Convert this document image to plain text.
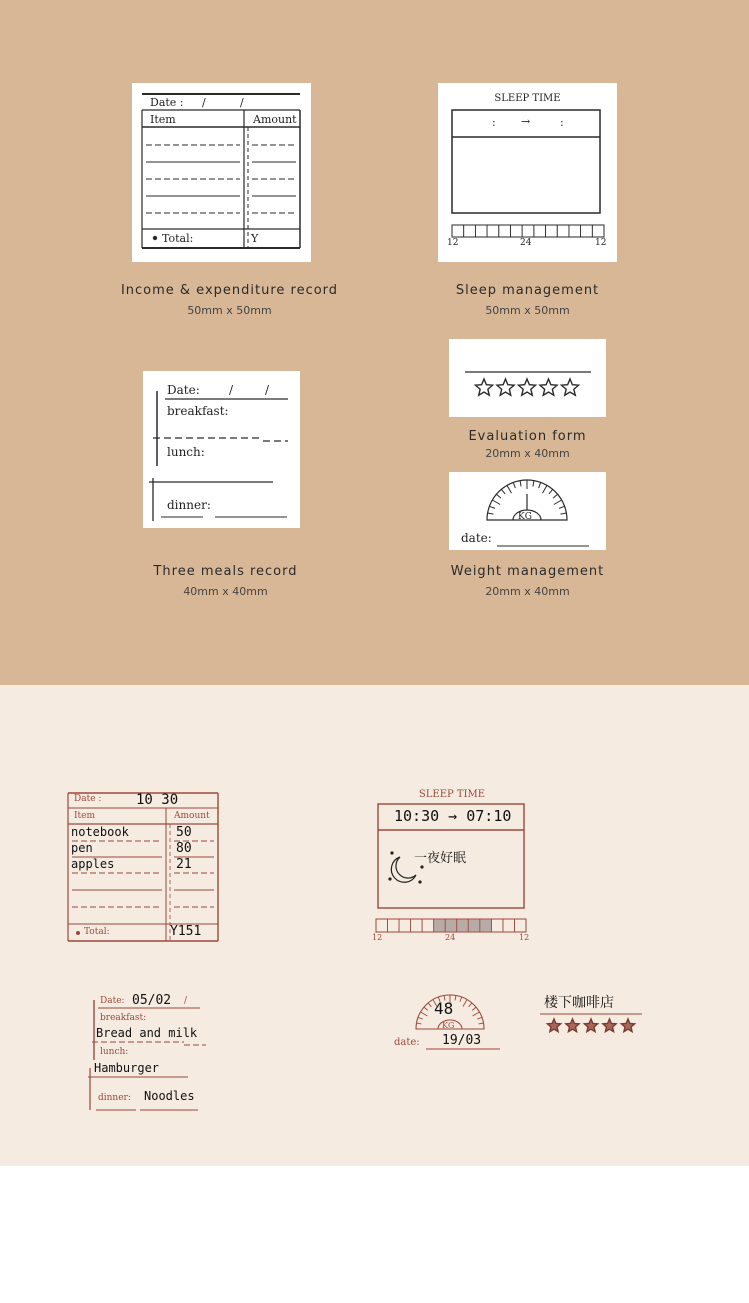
Date : /	/
Item	Amount
Total:	Y
Income & expenditure record
50mm x 50mm
SLEEP TIME
: →	:
12	24	12
Sleep management
50mm x 50mm
Date: /	/
breakfast:
lunch:
dinner:
Three meals record
40mm x 40mm
Evaluation form
20mm x 40mm
KG
date:
Weight management
20mm x 40mm
Date : 10 30
Item	Amount
notebook	50
pen	80
apples	21
Total:	Y151
SLEEP TIME
10:30 → 07:10
一夜好眠
12	24	12
Date: 05/02 /
breakfast:
Bread and milk
lunch:
Hamburger
dinner: Noodles
48
KG
date: 19/03
楼下咖啡店
